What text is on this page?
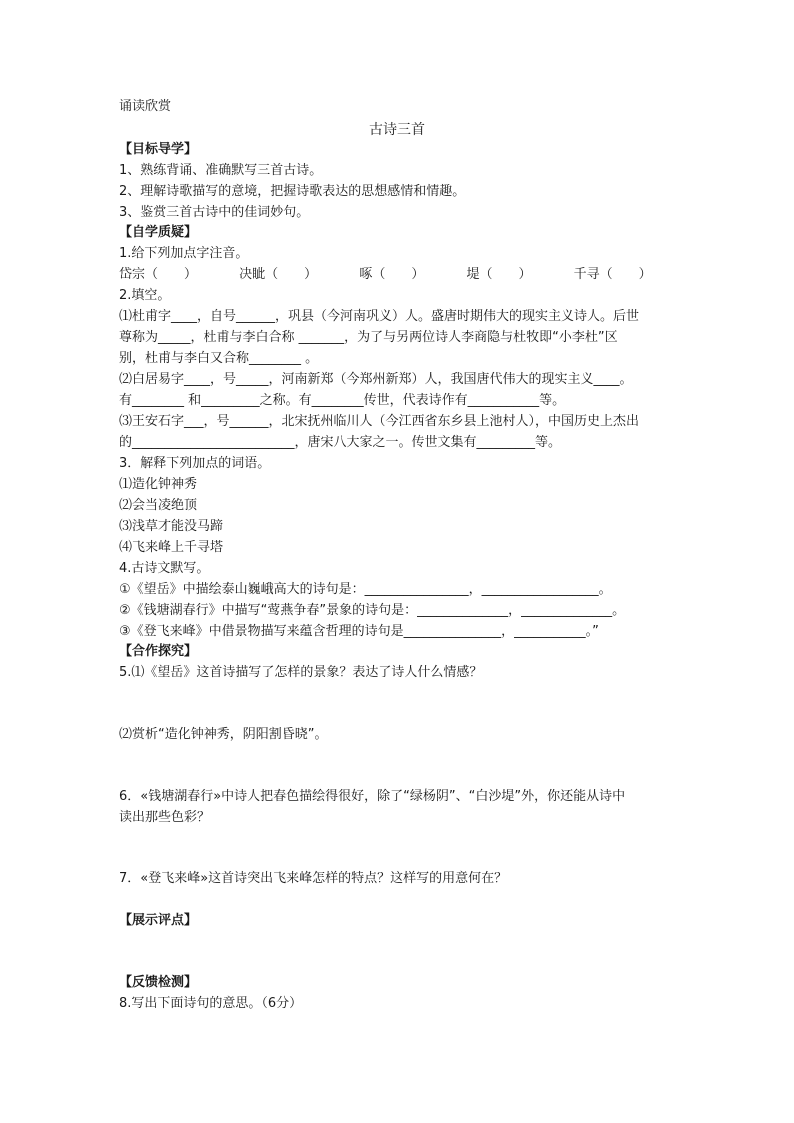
诵读欣赏
古诗三首
【目标导学】
1、熟练背诵、准确默写三首古诗。
2、理解诗歌描写的意境，把握诗歌表达的思想感情和情趣。
3、鉴赏三首古诗中的佳词妙句。
【自学质疑】
1.给下列加点字注音。
岱宗（　　）	决眦（　　）	啄（　　）	堤（　　）	千寻（　　）
2.填空。
⑴杜甫字____，自号______，巩县（今河南巩义）人。盛唐时期伟大的现实主义诗人。后世
尊称为_____，杜甫与李白合称 _______，为了与另两位诗人李商隐与杜牧即“小李杜”区
别，杜甫与李白又合称________ 。
⑵白居易字____，号_____，河南新郑（今郑州新郑）人，我国唐代伟大的现实主义____。
有________ 和_________之称。有________传世，代表诗作有___________等。
⑶王安石字___，号______，北宋抚州临川人（今江西省东乡县上池村人），中国历史上杰出
的_________________________，唐宋八大家之一。传世文集有_________等。
3．解释下列加点的词语。
⑴造化钟神秀
⑵会当凌绝顶
⑶浅草才能没马蹄
⑷飞来峰上千寻塔
4.古诗文默写。
①《望岳》中描绘泰山巍峨高大的诗句是：________________，__________________。
②《钱塘湖春行》中描写“莺燕争春”景象的诗句是：______________，______________。
③《登飞来峰》中借景物描写来蕴含哲理的诗句是_______________，___________。”
【合作探究】
5.⑴《望岳》这首诗描写了怎样的景象？表达了诗人什么情感？
⑵赏析“造化钟神秀，阴阳割昏晓”。
6．«钱塘湖春行»中诗人把春色描绘得很好，除了“绿杨阴”、“白沙堤”外，你还能从诗中
读出那些色彩？
7．«登飞来峰»这首诗突出飞来峰怎样的特点？这样写的用意何在？
【展示评点】
【反馈检测】
8.写出下面诗句的意思。（6分）
